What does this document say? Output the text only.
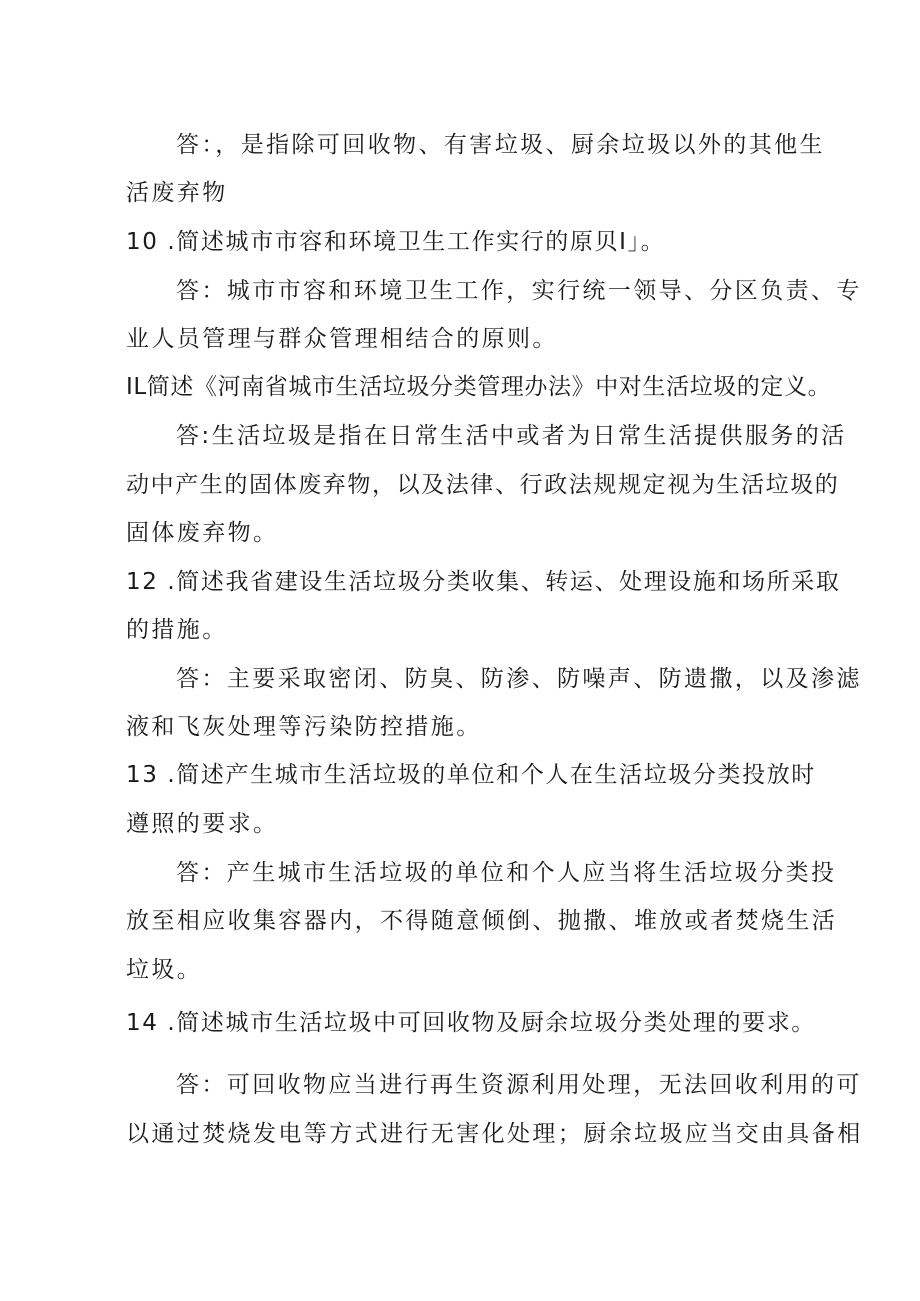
答：，是指除可回收物、有害垃圾、厨余垃圾以外的其他生
活废弃物
10 .简述城市市容和环境卫生工作实行的原贝I」。
答：城市市容和环境卫生工作，实行统一领导、分区负责、专
业人员管理与群众管理相结合的原则。
IL简述《河南省城市生活垃圾分类管理办法》中对生活垃圾的定义。
答:生活垃圾是指在日常生活中或者为日常生活提供服务的活
动中产生的固体废弃物，以及法律、行政法规规定视为生活垃圾的
固体废弃物。
12 .简述我省建设生活垃圾分类收集、转运、处理设施和场所采取
的措施。
答：主要采取密闭、防臭、防渗、防噪声、防遗撒，以及渗滤
液和飞灰处理等污染防控措施。
13 .简述产生城市生活垃圾的单位和个人在生活垃圾分类投放时
遵照的要求。
答：产生城市生活垃圾的单位和个人应当将生活垃圾分类投
放至相应收集容器内，不得随意倾倒、抛撒、堆放或者焚烧生活
垃圾。
14 .简述城市生活垃圾中可回收物及厨余垃圾分类处理的要求。
答：可回收物应当进行再生资源利用处理，无法回收利用的可
以通过焚烧发电等方式进行无害化处理；厨余垃圾应当交由具备相
